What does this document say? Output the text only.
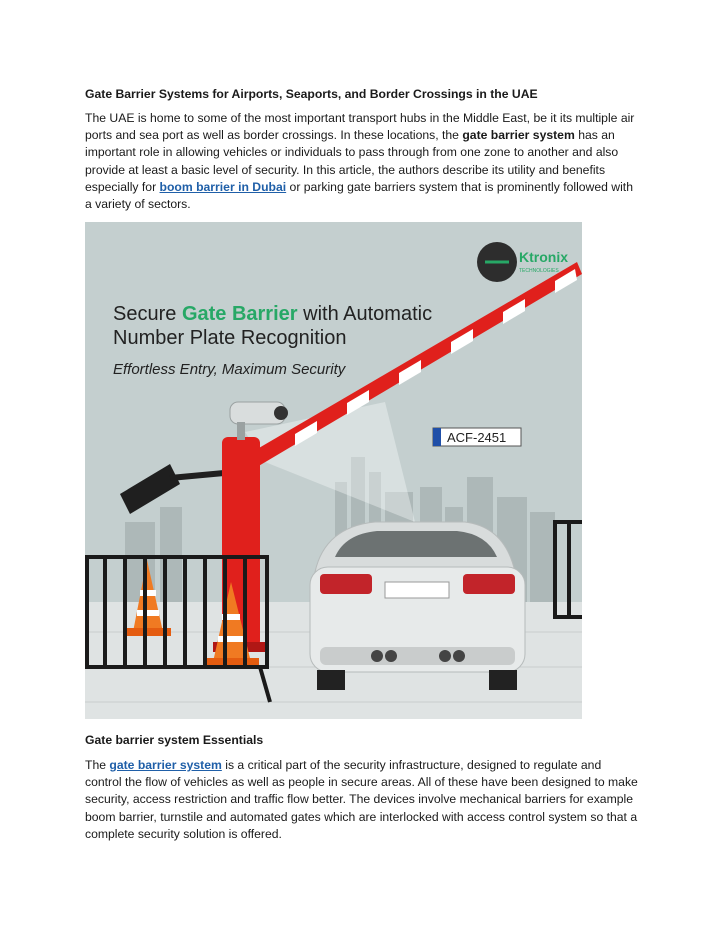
Gate Barrier Systems for Airports, Seaports, and Border Crossings in the UAE
The UAE is home to some of the most important transport hubs in the Middle East, be it its multiple air ports and sea port as well as border crossings. In these locations, the gate barrier system has an important role in allowing vehicles or individuals to pass through from one zone to another and also provide at least a basic level of security. In this article, the authors describe its utility and benefits especially for boom barrier in Dubai or parking gate barriers system that is prominently followed with a variety of sectors.
Ktronix
TECHNOLOGIES
Secure Gate Barrier with Automatic
Number Plate Recognition
Effortless Entry, Maximum Security
ACF-2451
Gate barrier system Essentials
The gate barrier system is a critical part of the security infrastructure, designed to regulate and control the flow of vehicles as well as people in secure areas. All of these have been designed to make security, access restriction and traffic flow better. The devices involve mechanical barriers for example boom barrier, turnstile and automated gates which are interlocked with access control system so that a complete security solution is offered.
